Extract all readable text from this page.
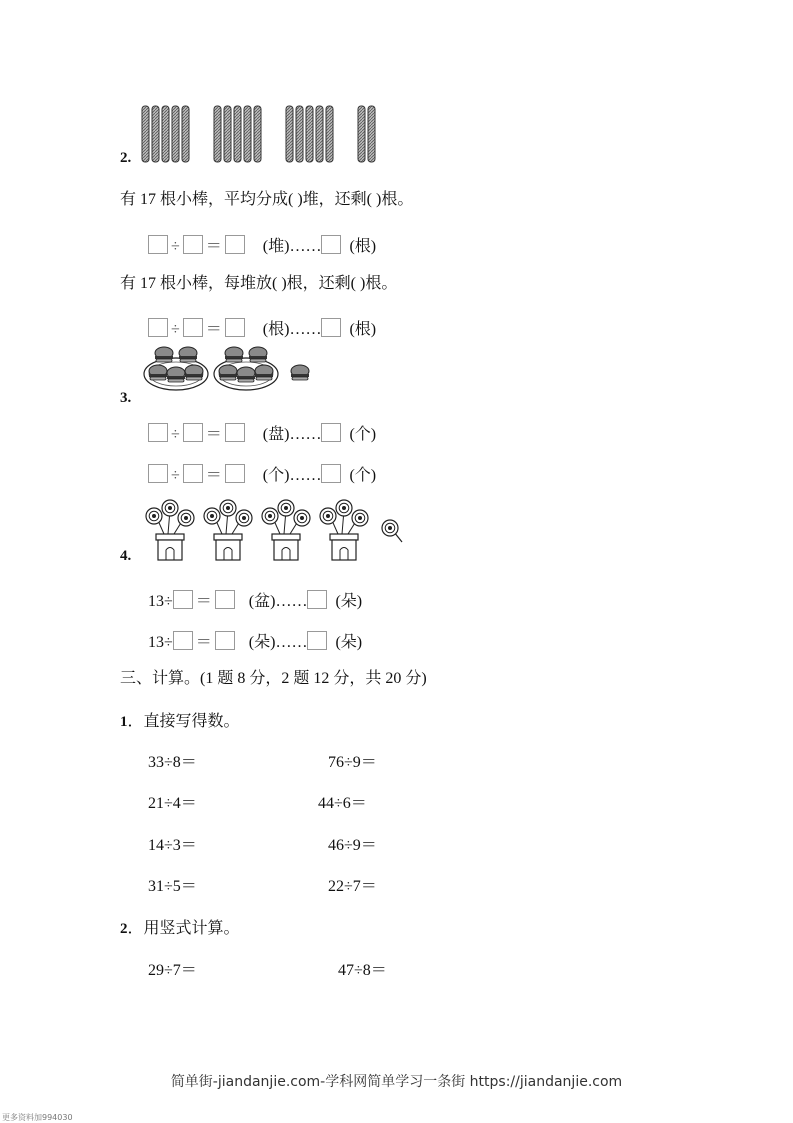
2.
有 17 根小棒，平均分成( )堆，还剩( )根。
÷ ＝	(堆)…… (根)
有 17 根小棒，每堆放( )根，还剩( )根。
÷ ＝	(根)…… (根)
3.
÷ ＝	(盘)…… (个)
÷ ＝	(个)…… (个)
4.
13÷ ＝ (盆)…… (朵)
13÷ ＝ (朵)…… (朵)
三、计算。(1 题 8 分，2 题 12 分，共 20 分)
1．直接写得数。
33÷8＝	76÷9＝
21÷4＝	44÷6＝
14÷3＝	46÷9＝
31÷5＝	22÷7＝
2．用竖式计算。
29÷7＝	47÷8＝
简单街-jiandanjie.com-学科网简单学习一条街 https://jiandanjie.com
更多资料加994030
